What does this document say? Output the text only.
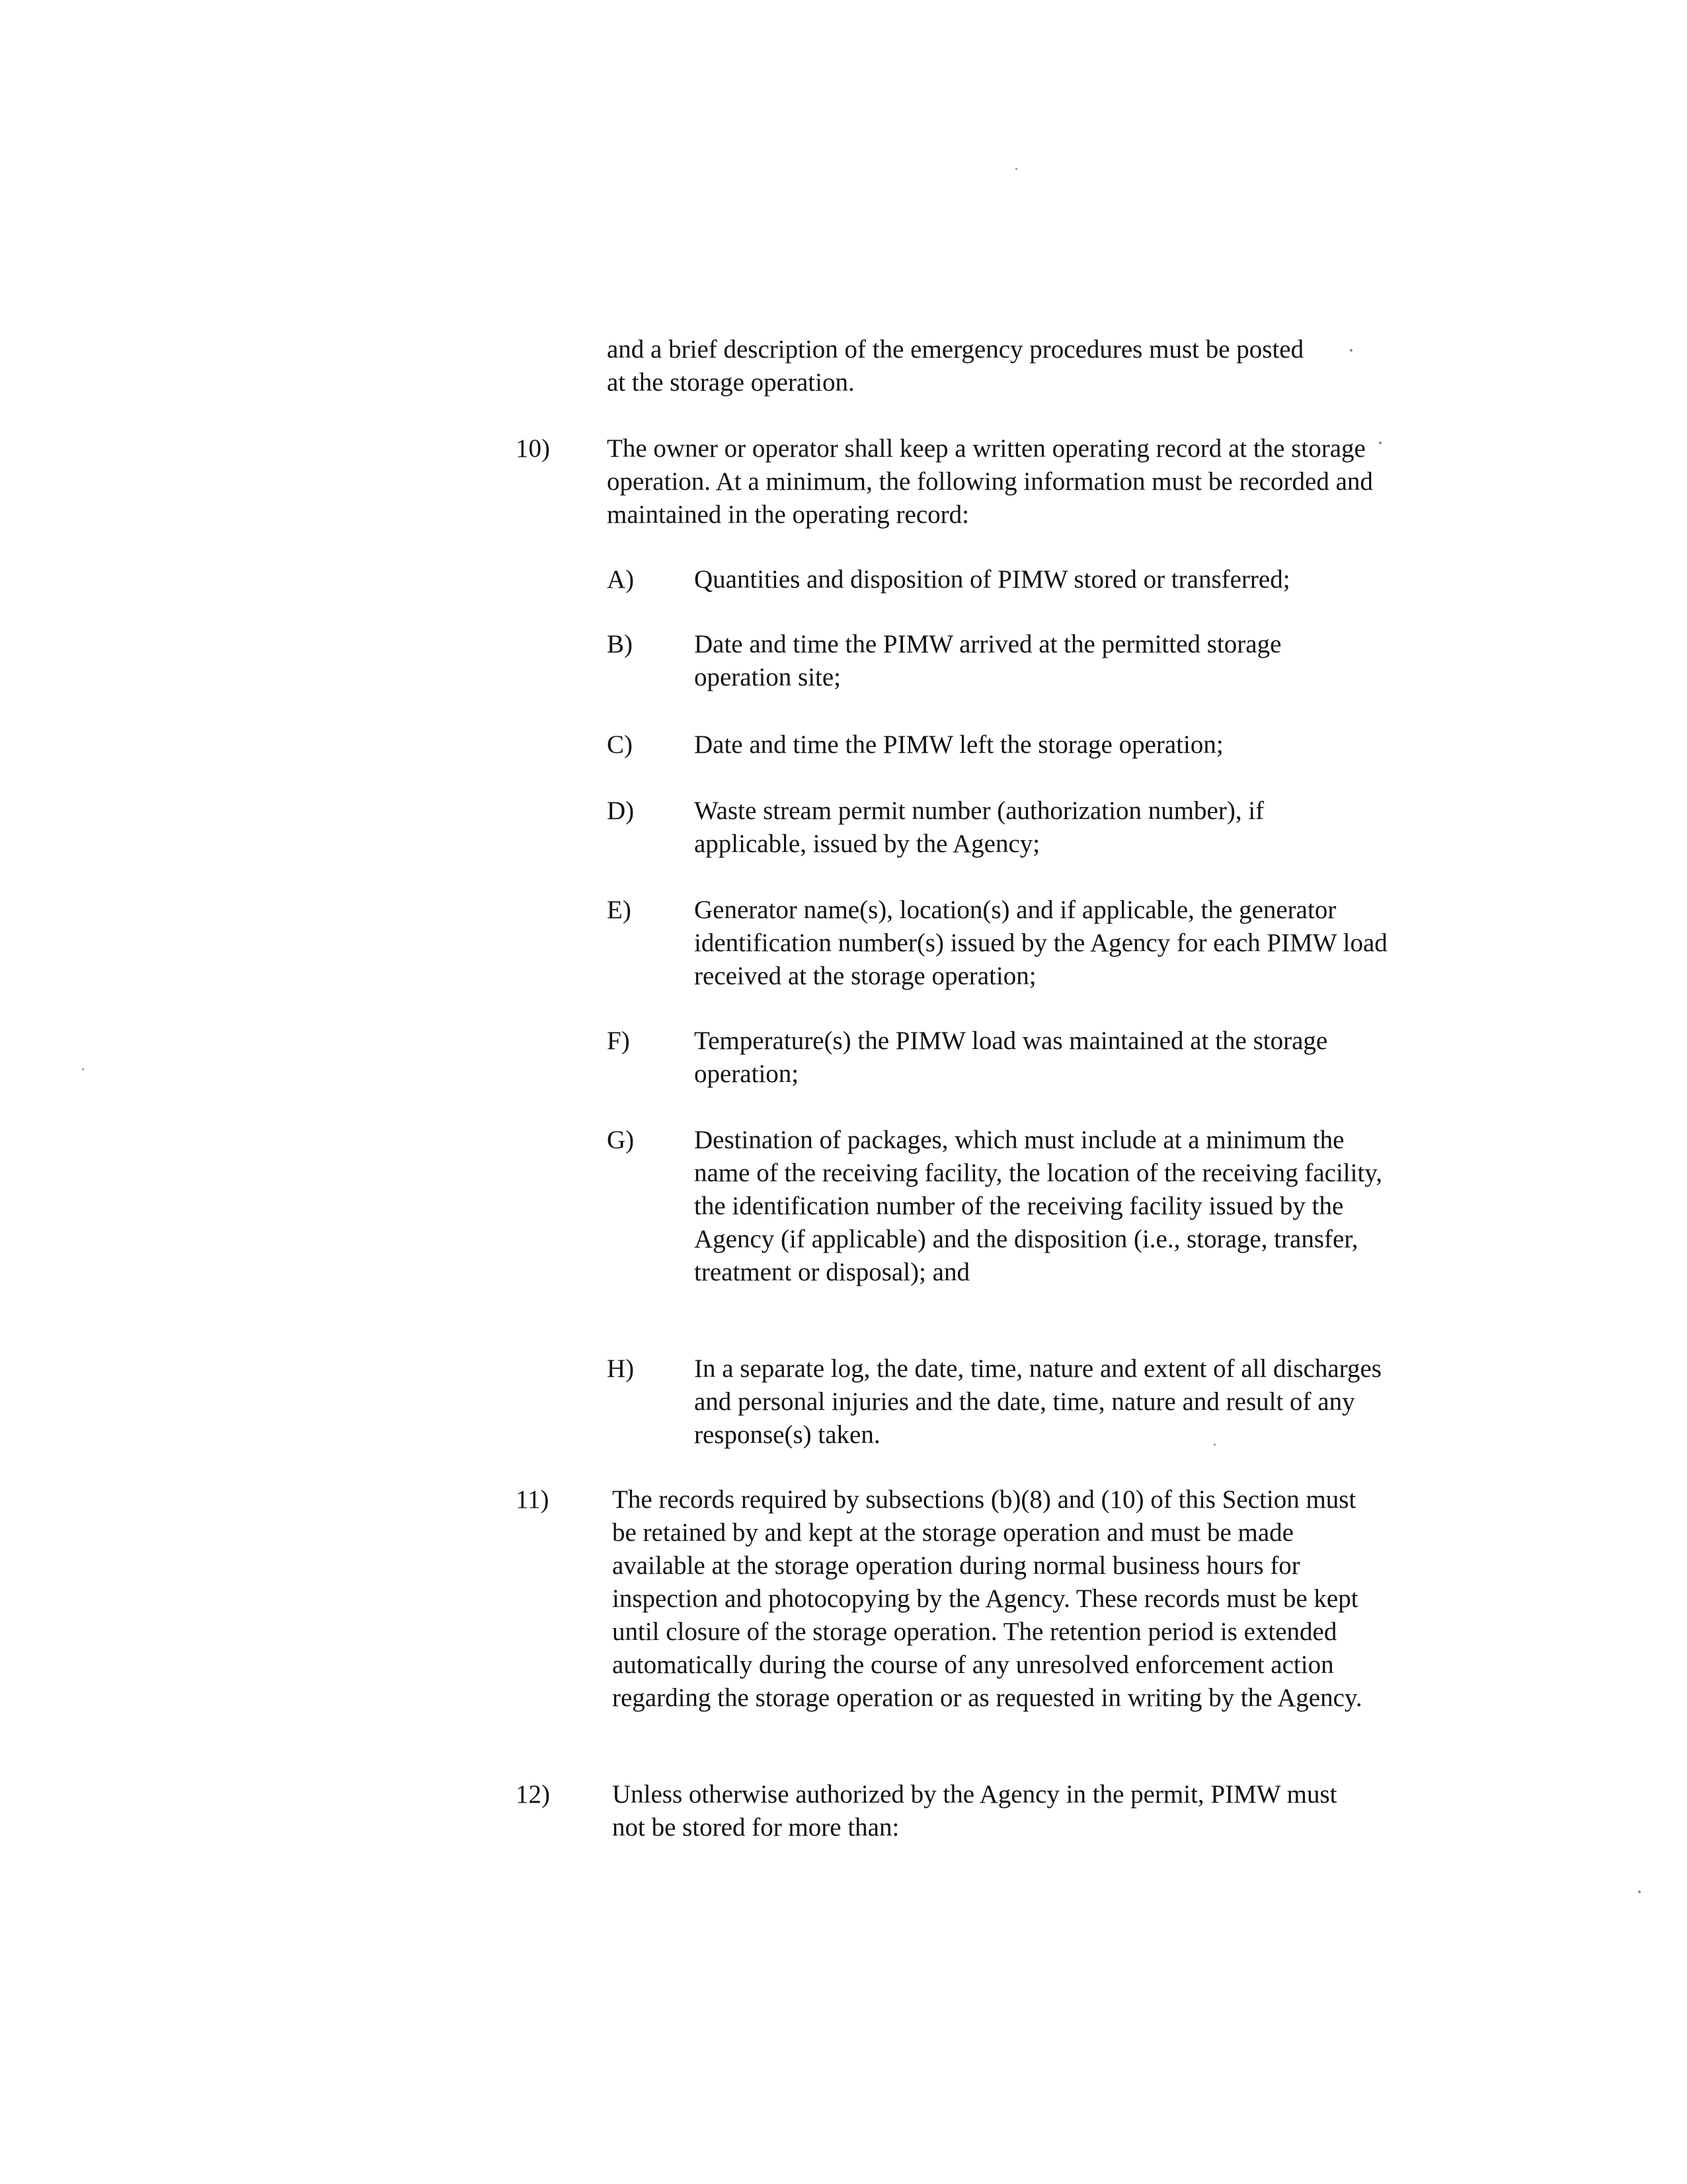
and a brief description of the emergency procedures must be posted at the storage operation.

10) The owner or operator shall keep a written operating record at the storage operation. At a minimum, the following information must be recorded and maintained in the operating record:

A) Quantities and disposition of PIMW stored or transferred;

B) Date and time the PIMW arrived at the permitted storage operation site;

C) Date and time the PIMW left the storage operation;

D) Waste stream permit number (authorization number), if applicable, issued by the Agency;

E) Generator name(s), location(s) and if applicable, the generator identification number(s) issued by the Agency for each PIMW load received at the storage operation;

F) Temperature(s) the PIMW load was maintained at the storage operation;

G) Destination of packages, which must include at a minimum the name of the receiving facility, the location of the receiving facility, the identification number of the receiving facility issued by the Agency (if applicable) and the disposition (i.e., storage, transfer, treatment or disposal); and

H) In a separate log, the date, time, nature and extent of all discharges and personal injuries and the date, time, nature and result of any response(s) taken.

11) The records required by subsections (b)(8) and (10) of this Section must be retained by and kept at the storage operation and must be made available at the storage operation during normal business hours for inspection and photocopying by the Agency. These records must be kept until closure of the storage operation. The retention period is extended automatically during the course of any unresolved enforcement action regarding the storage operation or as requested in writing by the Agency.

12) Unless otherwise authorized by the Agency in the permit, PIMW must not be stored for more than:
